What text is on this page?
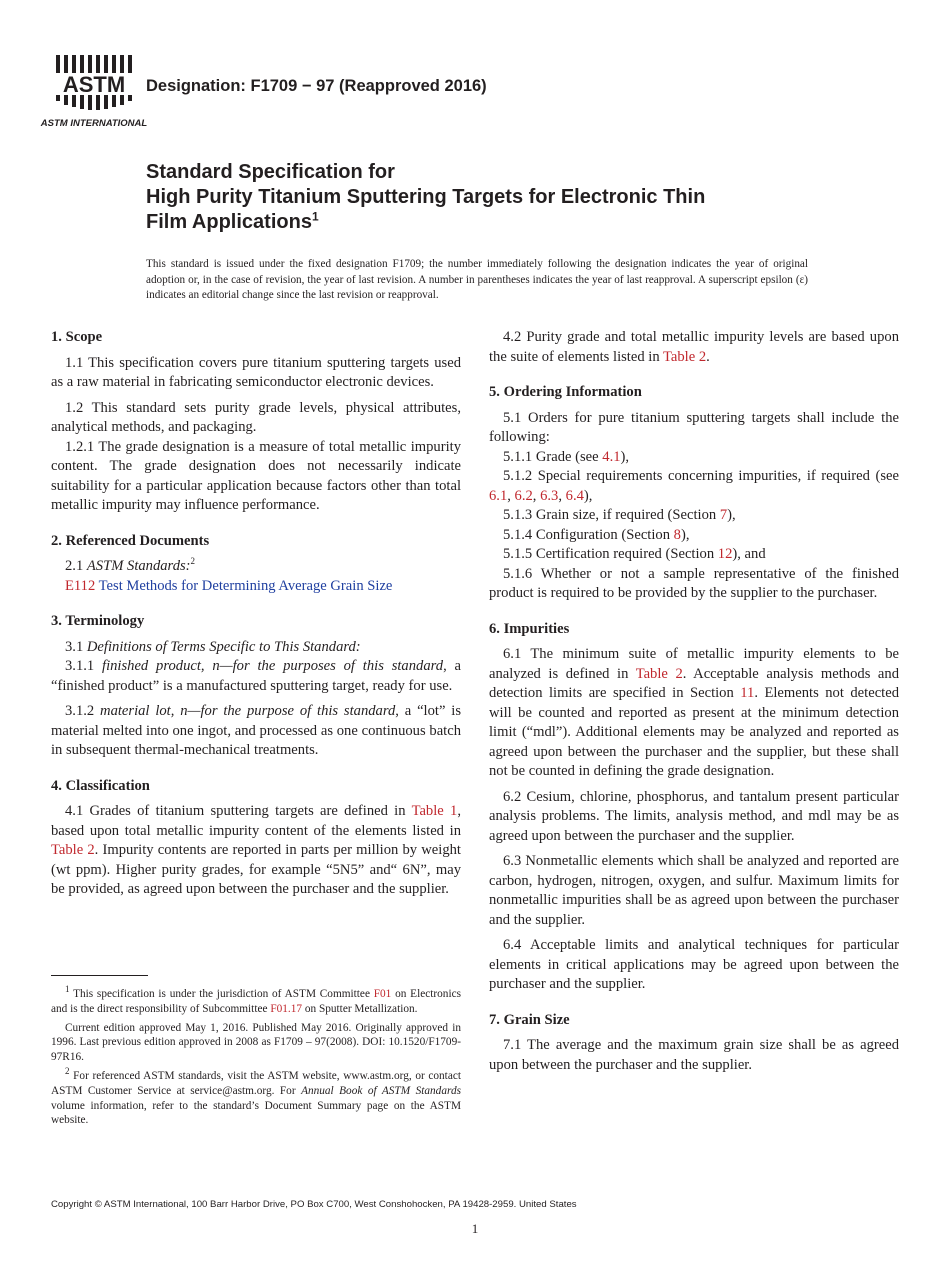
ASTM
ASTM INTERNATIONAL
Designation: F1709 − 97 (Reapproved 2016)
Standard Specification for
High Purity Titanium Sputtering Targets for Electronic Thin
Film Applications$^1$
This standard is issued under the fixed designation F1709; the number immediately following the designation indicates the year of original adoption or, in the case of revision, the year of last revision. A number in parentheses indicates the year of last reapproval. A superscript epsilon (ε) indicates an editorial change since the last revision or reapproval.
1. Scope

1.1 This specification covers pure titanium sputtering targets used as a raw material in fabricating semiconductor electronic devices.

1.2 This standard sets purity grade levels, physical attributes, analytical methods, and packaging.

1.2.1 The grade designation is a measure of total metallic impurity content. The grade designation does not necessarily indicate suitability for a particular application because factors other than total metallic impurity may influence performance.

2. Referenced Documents

2.1 ASTM Standards:$^2$

E112 Test Methods for Determining Average Grain Size

3. Terminology

3.1 Definitions of Terms Specific to This Standard:

3.1.1 finished product, n—for the purposes of this standard, a “finished product” is a manufactured sputtering target, ready for use.

3.1.2 material lot, n—for the purpose of this standard, a “lot” is material melted into one ingot, and processed as one continuous batch in subsequent thermal-mechanical treatments.

4. Classification

4.1 Grades of titanium sputtering targets are defined in Table 1, based upon total metallic impurity content of the elements listed in Table 2. Impurity contents are reported in parts per million by weight (wt ppm). Higher purity grades, for example “5N5” and“ 6N”, may be provided, as agreed upon between the purchaser and the supplier.

$^1$ This specification is under the jurisdiction of ASTM Committee F01 on Electronics and is the direct responsibility of Subcommittee F01.17 on Sputter Metallization.

Current edition approved May 1, 2016. Published May 2016. Originally approved in 1996. Last previous edition approved in 2008 as F1709 – 97(2008). DOI: 10.1520/F1709-97R16.

$^2$ For referenced ASTM standards, visit the ASTM website, www.astm.org, or contact ASTM Customer Service at service@astm.org. For Annual Book of ASTM Standards volume information, refer to the standard’s Document Summary page on the ASTM website.

4.2 Purity grade and total metallic impurity levels are based upon the suite of elements listed in Table 2.

5. Ordering Information

5.1 Orders for pure titanium sputtering targets shall include the following:

5.1.1 Grade (see 4.1),

5.1.2 Special requirements concerning impurities, if required (see 6.1, 6.2, 6.3, 6.4),

5.1.3 Grain size, if required (Section 7),

5.1.4 Configuration (Section 8),

5.1.5 Certification required (Section 12), and

5.1.6 Whether or not a sample representative of the finished product is required to be provided by the supplier to the purchaser.

6. Impurities

6.1 The minimum suite of metallic impurity elements to be analyzed is defined in Table 2. Acceptable analysis methods and detection limits are specified in Section 11. Elements not detected will be counted and reported as present at the minimum detection limit (“mdl”). Additional elements may be analyzed and reported as agreed upon between the purchaser and the supplier, but these shall not be counted in defining the grade designation.

6.2 Cesium, chlorine, phosphorus, and tantalum present particular analysis problems. The limits, analysis method, and mdl may be as agreed upon between the purchaser and the supplier.

6.3 Nonmetallic elements which shall be analyzed and reported are carbon, hydrogen, nitrogen, oxygen, and sulfur. Maximum limits for nonmetallic impurities shall be as agreed upon between the purchaser and the supplier.

6.4 Acceptable limits and analytical techniques for particular elements in critical applications may be agreed upon between the purchaser and the supplier.

7. Grain Size

7.1 The average and the maximum grain size shall be as agreed upon between the purchaser and the supplier.

Copyright © ASTM International, 100 Barr Harbor Drive, PO Box C700, West Conshohocken, PA 19428-2959. United States
1
